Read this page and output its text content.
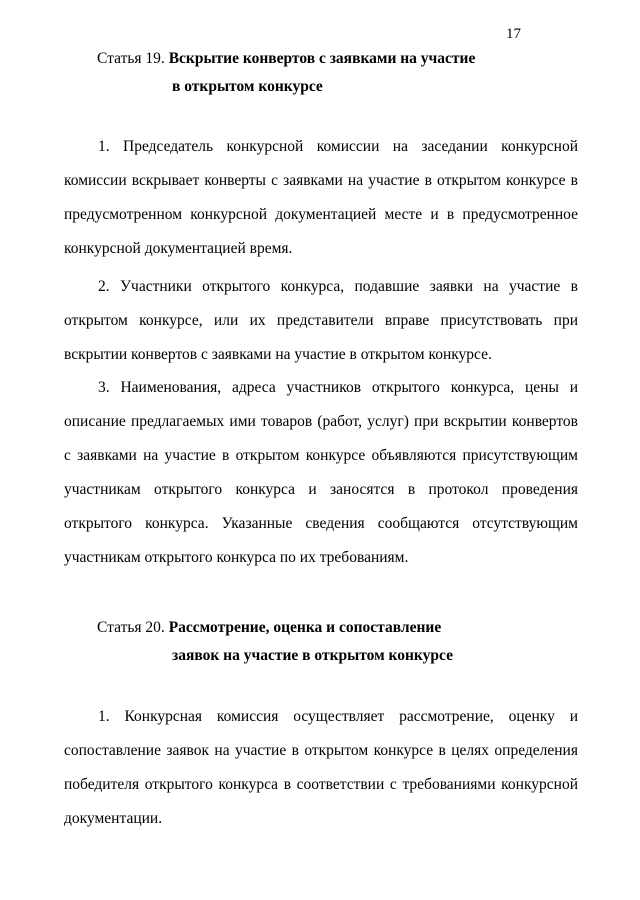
17
Статья 19. Вскрытие конвертов с заявками на участие
в открытом конкурсе

1. Председатель конкурсной комиссии на заседании конкурсной комиссии вскрывает конверты с заявками на участие в открытом конкурсе в предусмотренном конкурсной документацией месте и в предусмотренное конкурсной документацией время.

2. Участники открытого конкурса, подавшие заявки на участие в открытом конкурсе, или их представители вправе присутствовать при вскрытии конвертов с заявками на участие в открытом конкурсе.

3. Наименования, адреса участников открытого конкурса, цены и описание предлагаемых ими товаров (работ, услуг) при вскрытии конвертов с заявками на участие в открытом конкурсе объявляются присутствующим участникам открытого конкурса и заносятся в протокол проведения открытого конкурса. Указанные сведения сообщаются отсутствующим участникам открытого конкурса по их требованиям.

Статья 20. Рассмотрение, оценка и сопоставление
заявок на участие в открытом конкурсе

1. Конкурсная комиссия осуществляет рассмотрение, оценку и сопоставление заявок на участие в открытом конкурсе в целях определения победителя открытого конкурса в соответствии с требованиями конкурсной документации.
